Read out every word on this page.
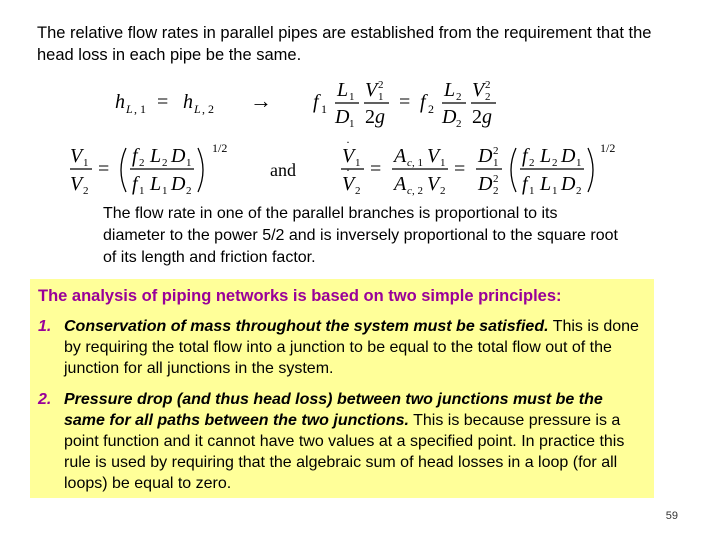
The relative flow rates in parallel pipes are established from the requirement that the head loss in each pipe be the same.
h L , 1 = h L , 2 → f 1
L 1
D 1
V 2
1
2 g
= f 2
L 2
D 2
V 2
2
2 g
V 1
V 2
=
f 2 L 2 D 1
f 1 L 1 D 2
1/2
and
V
·
1
V
·
2
=
A c , 1 V 1
A c , 2 V 2
=
D 2
1
D 2
2
f 2 L 2 D 1
f 1 L 1 D 2
1/2
The flow rate in one of the parallel branches is proportional to its diameter to the power 5/2 and is inversely proportional to the square root of its length and friction factor.
The analysis of piping networks is based on two simple principles:
1. Conservation of mass throughout the system must be satisfied. This is done by requiring the total flow into a junction to be equal to the total flow out of the junction for all junctions in the system.
2. Pressure drop (and thus head loss) between two junctions must be the same for all paths between the two junctions. This is because pressure is a point function and it cannot have two values at a specified point. In practice this rule is used by requiring that the algebraic sum of head losses in a loop (for all loops) be equal to zero.
59
